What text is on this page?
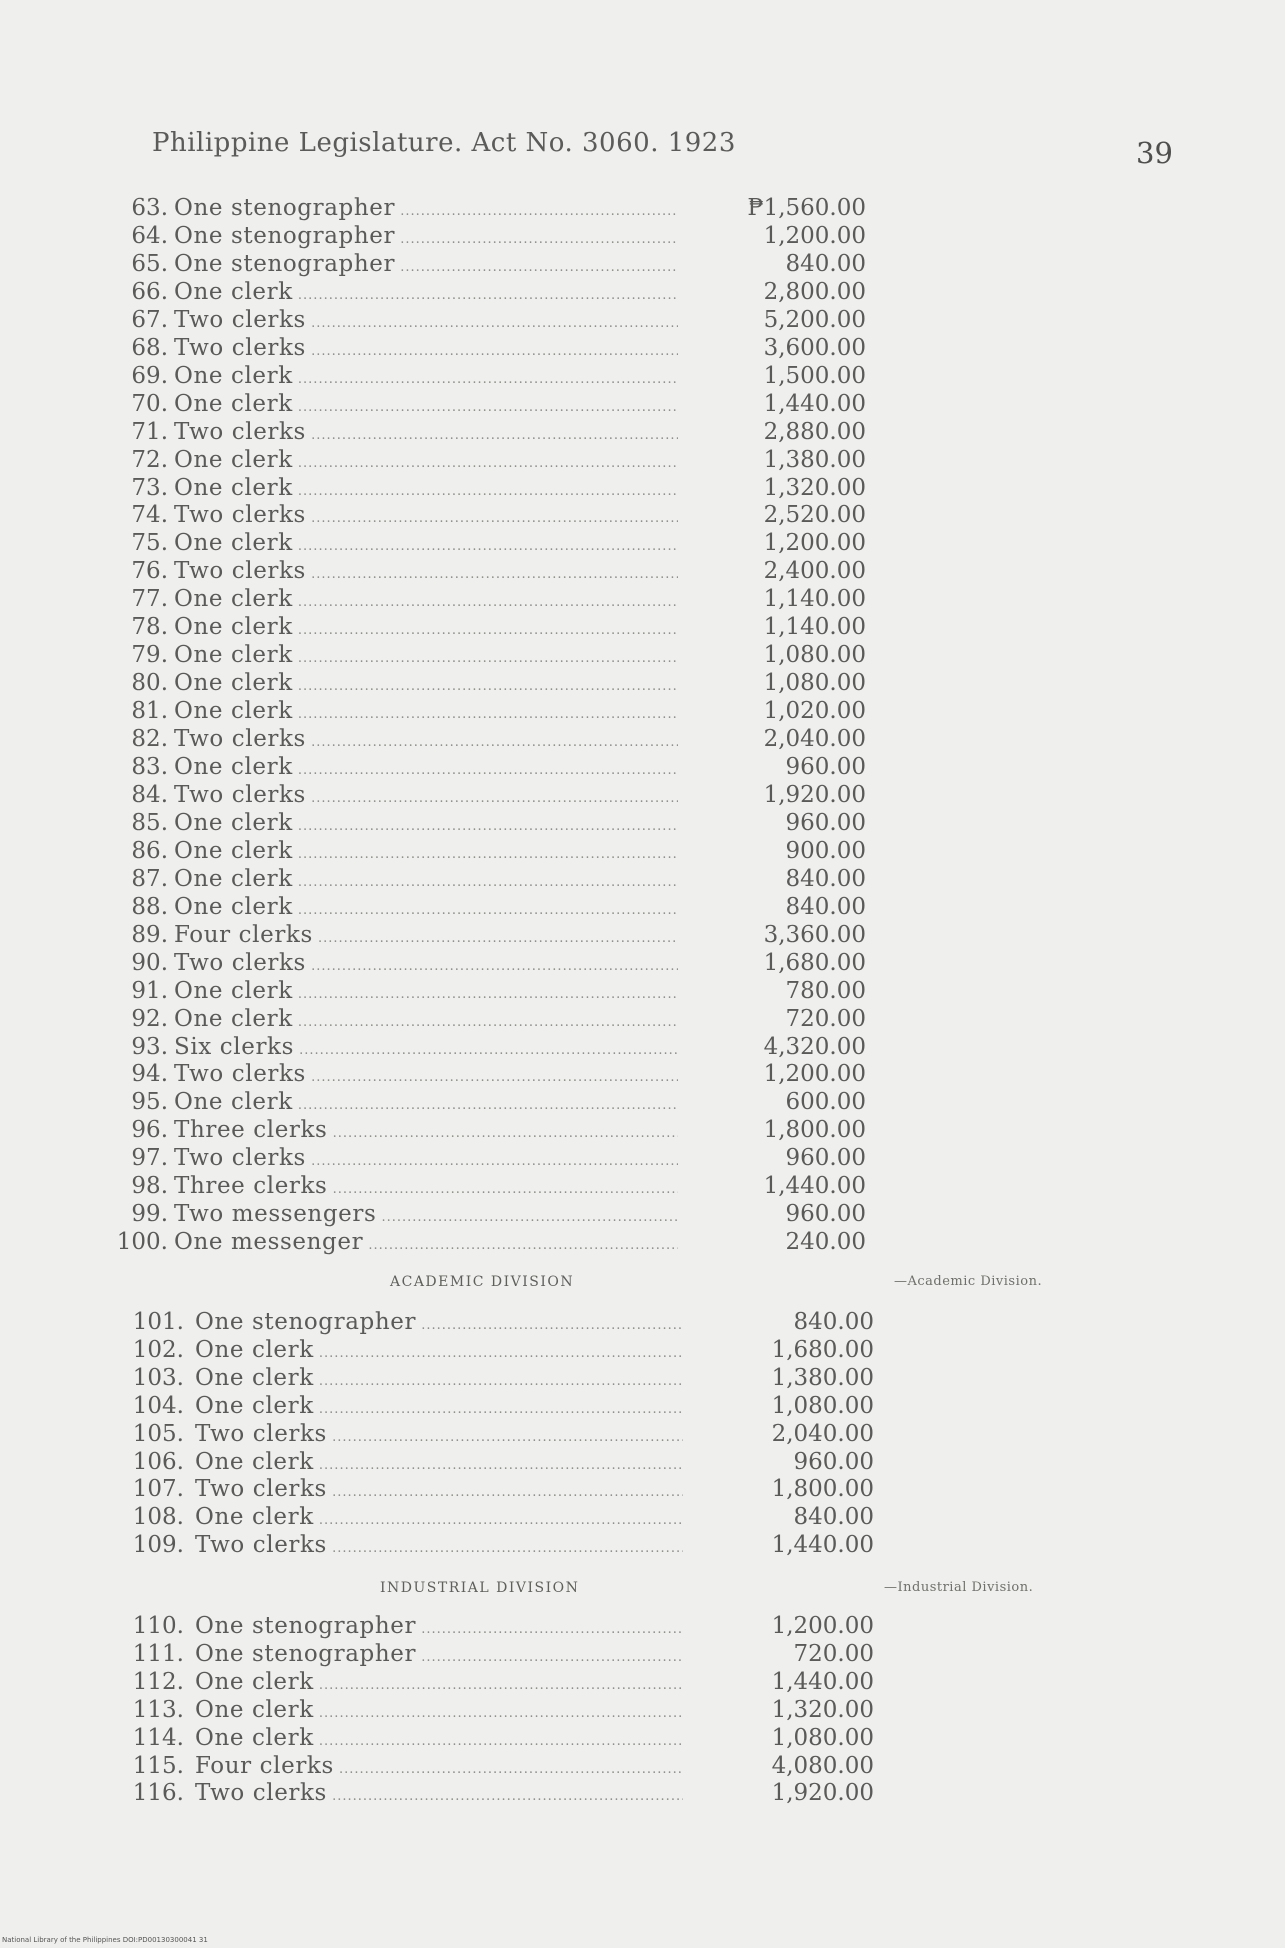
Philippine Legislature. Act No. 3060. 1923	39
63. One stenographer .....	₱1,560.00
64. One stenographer .....	1,200.00
65. One stenographer .....	840.00
66. One clerk .....	2,800.00
67. Two clerks .....	5,200.00
68. Two clerks .....	3,600.00
69. One clerk .....	1,500.00
70. One clerk .....	1,440.00
71. Two clerks .....	2,880.00
72. One clerk .....	1,380.00
73. One clerk .....	1,320.00
74. Two clerks .....	2,520.00
75. One clerk .....	1,200.00
76. Two clerks .....	2,400.00
77. One clerk .....	1,140.00
78. One clerk .....	1,140.00
79. One clerk .....	1,080.00
80. One clerk .....	1,080.00
81. One clerk .....	1,020.00
82. Two clerks .....	2,040.00
83. One clerk .....	960.00
84. Two clerks .....	1,920.00
85. One clerk .....	960.00
86. One clerk .....	900.00
87. One clerk .....	840.00
88. One clerk .....	840.00
89. Four clerks .....	3,360.00
90. Two clerks .....	1,680.00
91. One clerk .....	780.00
92. One clerk .....	720.00
93. Six clerks .....	4,320.00
94. Two clerks .....	1,200.00
95. One clerk .....	600.00
96. Three clerks .....	1,800.00
97. Two clerks .....	960.00
98. Three clerks .....	1,440.00
99. Two messengers .....	960.00
100. One messenger .....	240.00
101. One stenographer .....	840.00
102. One clerk .....	1,680.00
103. One clerk .....	1,380.00
104. One clerk .....	1,080.00
105. Two clerks .....	2,040.00
106. One clerk .....	960.00
107. Two clerks .....	1,800.00
108. One clerk .....	840.00
109. Two clerks .....	1,440.00
110. One stenographer .....	1,200.00
111. One stenographer .....	720.00
112. One clerk .....	1,440.00
113. One clerk .....	1,320.00
114. One clerk .....	1,080.00
115. Four clerks .....	4,080.00
116. Two clerks .....	1,920.00
ACADEMIC DIVISION	—Academic Division.
INDUSTRIAL DIVISION	—Industrial Division.
National Library of the Philippines DOI:PD00130300041 31
